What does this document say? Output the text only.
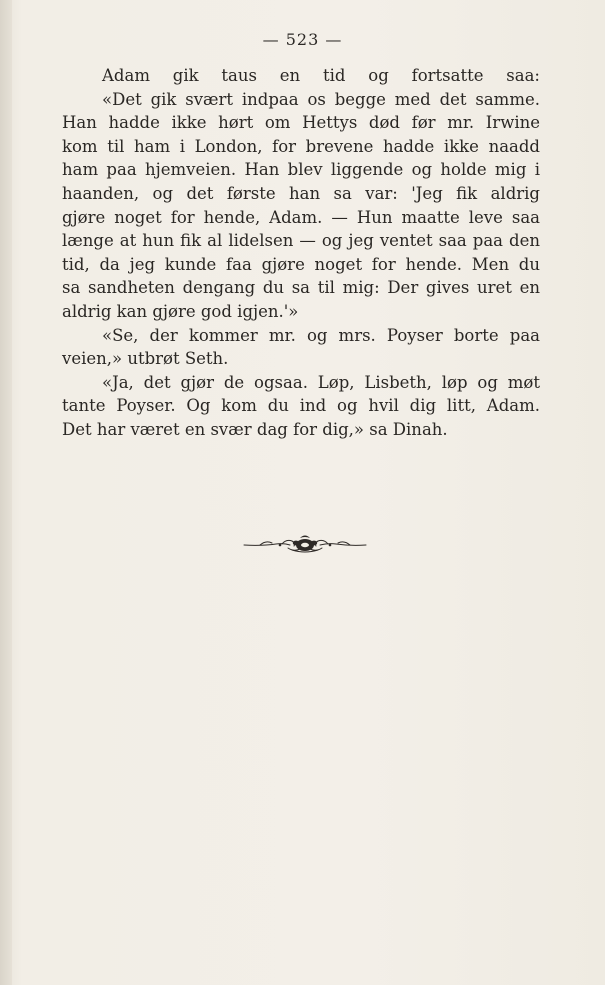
— 523 —
Adam gik taus en tid og fortsatte saa:
«Det gik svært indpaa os begge med det samme.
Han hadde ikke hørt om Hettys død før mr. Irwine
kom til ham i London, for brevene hadde ikke naadd
ham paa hjemveien. Han blev liggende og holde mig i
haanden, og det første han sa var: 'Jeg fik aldrig
gjøre noget for hende, Adam. — Hun maatte leve saa
længe at hun fik al lidelsen — og jeg ventet saa paa den
tid, da jeg kunde faa gjøre noget for hende. Men du
sa sandheten dengang du sa til mig: Der gives uret en
aldrig kan gjøre god igjen.'»
«Se, der kommer mr. og mrs. Poyser borte paa
veien,» utbrøt Seth.
«Ja, det gjør de ogsaa. Løp, Lisbeth, løp og møt
tante Poyser. Og kom du ind og hvil dig litt, Adam.
Det har været en svær dag for dig,» sa Dinah.
